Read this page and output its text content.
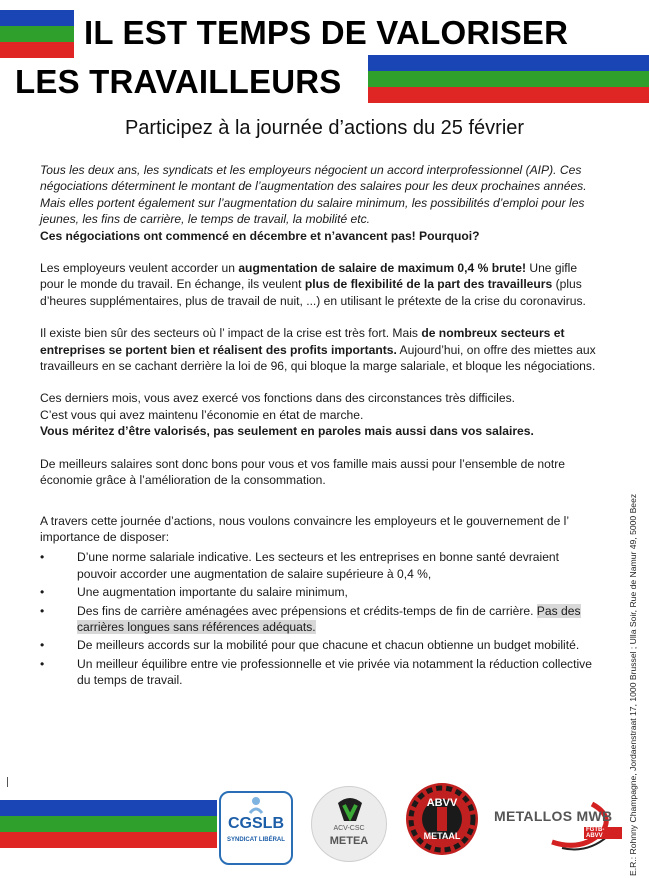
IL EST TEMPS DE VALORISER
LES TRAVAILLEURS

Participez à la journée d’actions du 25 février

Tous les deux ans, les syndicats et les employeurs négocient un accord interprofessionnel (AIP). Ces négociations déterminent le montant de l’augmentation des salaires pour les deux prochaines années. Mais elles portent également sur l’augmentation du salaire minimum, les possibilités d’emploi pour les jeunes, les fins de carrière, le temps de travail, la mobilité etc.

Ces négociations ont commencé en décembre et n’avancent pas! Pourquoi?

Les employeurs veulent accorder un augmentation de salaire de maximum 0,4 % brute! Une gifle pour le monde du travail. En échange, ils veulent plus de flexibilité de la part des travailleurs (plus d’heures supplémentaires, plus de travail de nuit, ...) en utilisant le prétexte de la crise du coronavirus.

Il existe bien sûr des secteurs où l’ impact de la crise est très fort. Mais de nombreux secteurs et entreprises se portent bien et réalisent des profits importants. Aujourd’hui, on offre des miettes aux travailleurs en se cachant derrière la loi de 96, qui bloque la marge salariale, et bloque les négociations.

Ces derniers mois, vous avez exercé vos fonctions dans des circonstances très difficiles.
C’est vous qui avez maintenu l’économie en état de marche.
Vous méritez d’être valorisés, pas seulement en paroles mais aussi dans vos salaires.

De meilleurs salaires sont donc bons pour vous et vos famille mais aussi pour l’ensemble de notre économie grâce à l’amélioration de la consommation.

A travers cette journée d’actions, nous voulons convaincre les employeurs et le gouvernement de l’ importance de disposer:

•	D’une norme salariale indicative. Les secteurs et les entreprises en bonne santé devraient pouvoir accorder une augmentation de salaire supérieure à 0,4 %,
•	Une augmentation importante du salaire minimum,
•	Des fins de carrière aménagées avec prépensions et crédits-temps de fin de carrière. Pas des carrières longues sans références adéquats.
•	De meilleurs accords sur la mobilité pour que chacune et chacun obtienne un budget mobilité.
•	Un meilleur équilibre entre vie professionnelle et vie privée via notamment la réduction collective du temps de travail.	E.R.: Rohnny Champagne, Jordaenstraat 17, 1000 Brussel ; Ulla Soir, Rue de Namur 49, 5000 Beez
CGSLB
SYNDICAT LIBÉRAL
ACV-CSC
METEA
ABVV
METAAL
METALLOS MWB
FGTB-ABVV
